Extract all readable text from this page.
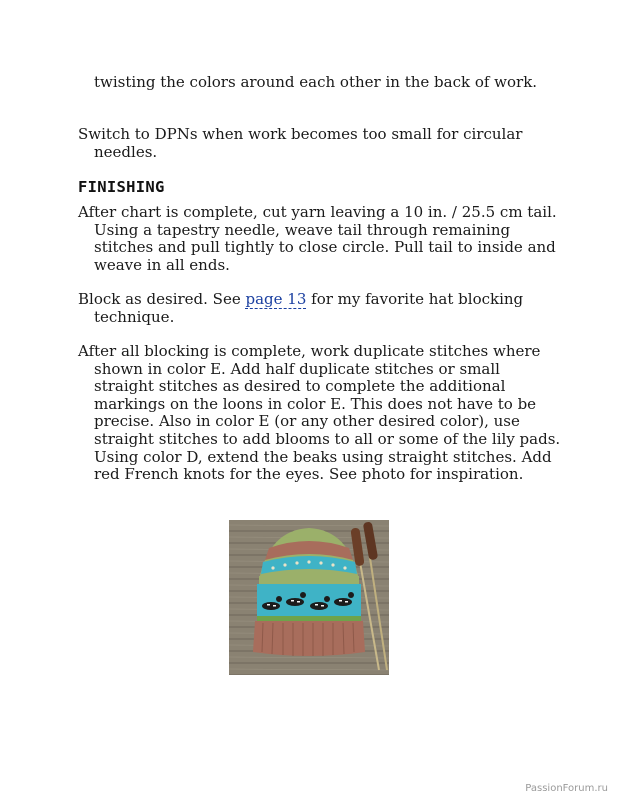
twisting the colors around each other in the back of work.

Switch to DPNs when work becomes too small for circular needles.

FINISHING

After chart is complete, cut yarn leaving a 10 in. / 25.5 cm tail. Using a tapestry needle, weave tail through remaining stitches and pull tightly to close circle. Pull tail to inside and weave in all ends.

Block as desired. See page 13 for my favorite hat blocking technique.

After all blocking is complete, work duplicate stitches where shown in color E. Add half duplicate stitches or small straight stitches as desired to complete the additional markings on the loons in color E. This does not have to be precise. Also in color E (or any other desired color), use straight stitches to add blooms to all or some of the lily pads. Using color D, extend the beaks using straight stitches. Add red French knots for the eyes. See photo for inspiration.

PassionForum.ru
